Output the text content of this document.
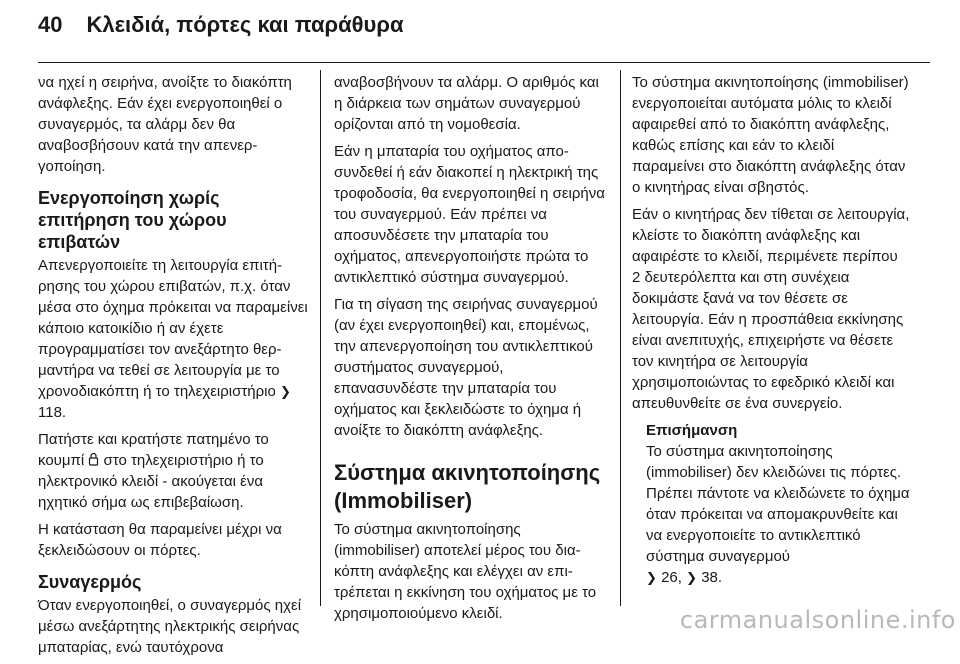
40 Κλειδιά, πόρτες και παράθυρα

να ηχεί η σειρήνα, ανοίξτε το διακόπτη ανάφλεξης. Εάν έχει ενεργοποιηθεί ο συναγερμός, τα αλάρμ δεν θα αναβοσβήσουν κατά την απενεργοποίηση.

Ενεργοποίηση χωρίς επιτήρηση του χώρου επιβατών

Απενεργοποιείτε τη λειτουργία επιτήρησης του χώρου επιβατών, π.χ. όταν μέσα στο όχημα πρόκειται να παραμείνει κάποιο κατοικίδιο ή αν έχετε προγραμματίσει τον ανεξάρτητο θερμαντήρα να τεθεί σε λειτουργία με το χρονοδιακόπτη ή το τηλεχειριστήριο ❯ 118.

Πατήστε και κρατήστε πατημένο το κουμπί στο τηλεχειριστήριο ή το ηλεκτρονικό κλειδί - ακούγεται ένα ηχητικό σήμα ως επιβεβαίωση.

Η κατάσταση θα παραμείνει μέχρι να ξεκλειδώσουν οι πόρτες.

Συναγερμός

Όταν ενεργοποιηθεί, ο συναγερμός ηχεί μέσω ανεξάρτητης ηλεκτρικής σειρήνας μπαταρίας, ενώ ταυτόχρονα

αναβοσβήνουν τα αλάρμ. Ο αριθμός και η διάρκεια των σημάτων συναγερμού ορίζονται από τη νομοθεσία.

Εάν η μπαταρία του οχήματος αποσυνδεθεί ή εάν διακοπεί η ηλεκτρική της τροφοδοσία, θα ενεργοποιηθεί η σειρήνα του συναγερμού. Εάν πρέπει να αποσυνδέσετε την μπαταρία του οχήματος, απενεργοποιήστε πρώτα το αντικλεπτικό σύστημα συναγερμού.

Για τη σίγαση της σειρήνας συναγερμού (αν έχει ενεργοποιηθεί) και, επομένως, την απενεργοποίηση του αντικλεπτικού συστήματος συναγερμού, επανασυνδέστε την μπαταρία του οχήματος και ξεκλειδώστε το όχημα ή ανοίξτε το διακόπτη ανάφλεξης.

Σύστημα ακινητοποίησης (Immobiliser)

Το σύστημα ακινητοποίησης (immobiliser) αποτελεί μέρος του διακόπτη ανάφλεξης και ελέγχει αν επιτρέπεται η εκκίνηση του οχήματος με το χρησιμοποιούμενο κλειδί.

Το σύστημα ακινητοποίησης (immobiliser) ενεργοποιείται αυτόματα μόλις το κλειδί αφαιρεθεί από το διακόπτη ανάφλεξης, καθώς επίσης και εάν το κλειδί παραμείνει στο διακόπτη ανάφλεξης όταν ο κινητήρας είναι σβηστός.

Εάν ο κινητήρας δεν τίθεται σε λειτουργία, κλείστε το διακόπτη ανάφλεξης και αφαιρέστε το κλειδί, περιμένετε περίπου 2 δευτερόλεπτα και στη συνέχεια δοκιμάστε ξανά να τον θέσετε σε λειτουργία. Εάν η προσπάθεια εκκίνησης είναι ανεπιτυχής, επιχειρήστε να θέσετε τον κινητήρα σε λειτουργία χρησιμοποιώντας το εφεδρικό κλειδί και απευθυνθείτε σε ένα συνεργείο.

Επισήμανση
Το σύστημα ακινητοποίησης (immobiliser) δεν κλειδώνει τις πόρτες. Πρέπει πάντοτε να κλειδώνετε το όχημα όταν πρόκειται να απομακρυνθείτε και να ενεργοποιείτε το αντικλεπτικό σύστημα συναγερμού
❯ 26, ❯ 38.
carmanualsonline.info
